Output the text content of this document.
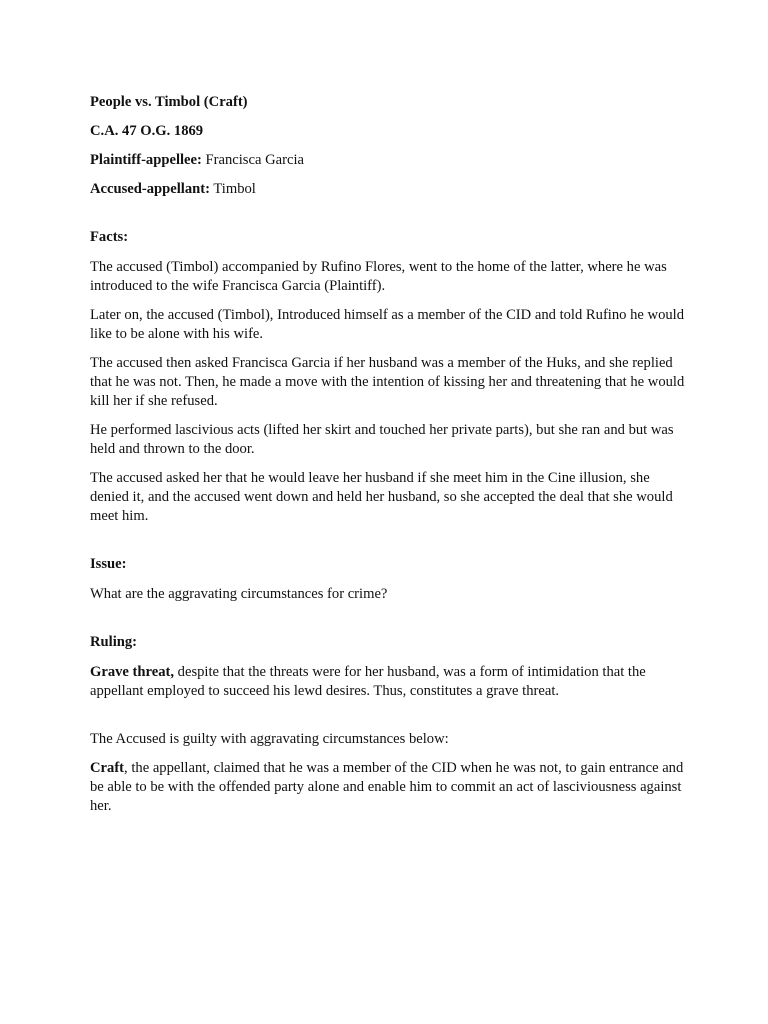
People vs. Timbol (Craft)

C.A. 47 O.G. 1869

Plaintiff-appellee: Francisca Garcia

Accused-appellant: Timbol

Facts:

The accused (Timbol) accompanied by Rufino Flores, went to the home of the latter, where he was introduced to the wife Francisca Garcia (Plaintiff).

Later on, the accused (Timbol), Introduced himself as a member of the CID and told Rufino he would like to be alone with his wife.

The accused then asked Francisca Garcia if her husband was a member of the Huks, and she replied that he was not. Then, he made a move with the intention of kissing her and threatening that he would kill her if she refused.

He performed lascivious acts (lifted her skirt and touched her private parts), but she ran and but was held and thrown to the door.

The accused asked her that he would leave her husband if she meet him in the Cine illusion, she denied it, and the accused went down and held her husband, so she accepted the deal that she would meet him.

Issue:

What are the aggravating circumstances for crime?

Ruling:

Grave threat, despite that the threats were for her husband, was a form of intimidation that the appellant employed to succeed his lewd desires. Thus, constitutes a grave threat.

The Accused is guilty with aggravating circumstances below:

Craft, the appellant, claimed that he was a member of the CID when he was not, to gain entrance and be able to be with the offended party alone and enable him to commit an act of lasciviousness against her.
